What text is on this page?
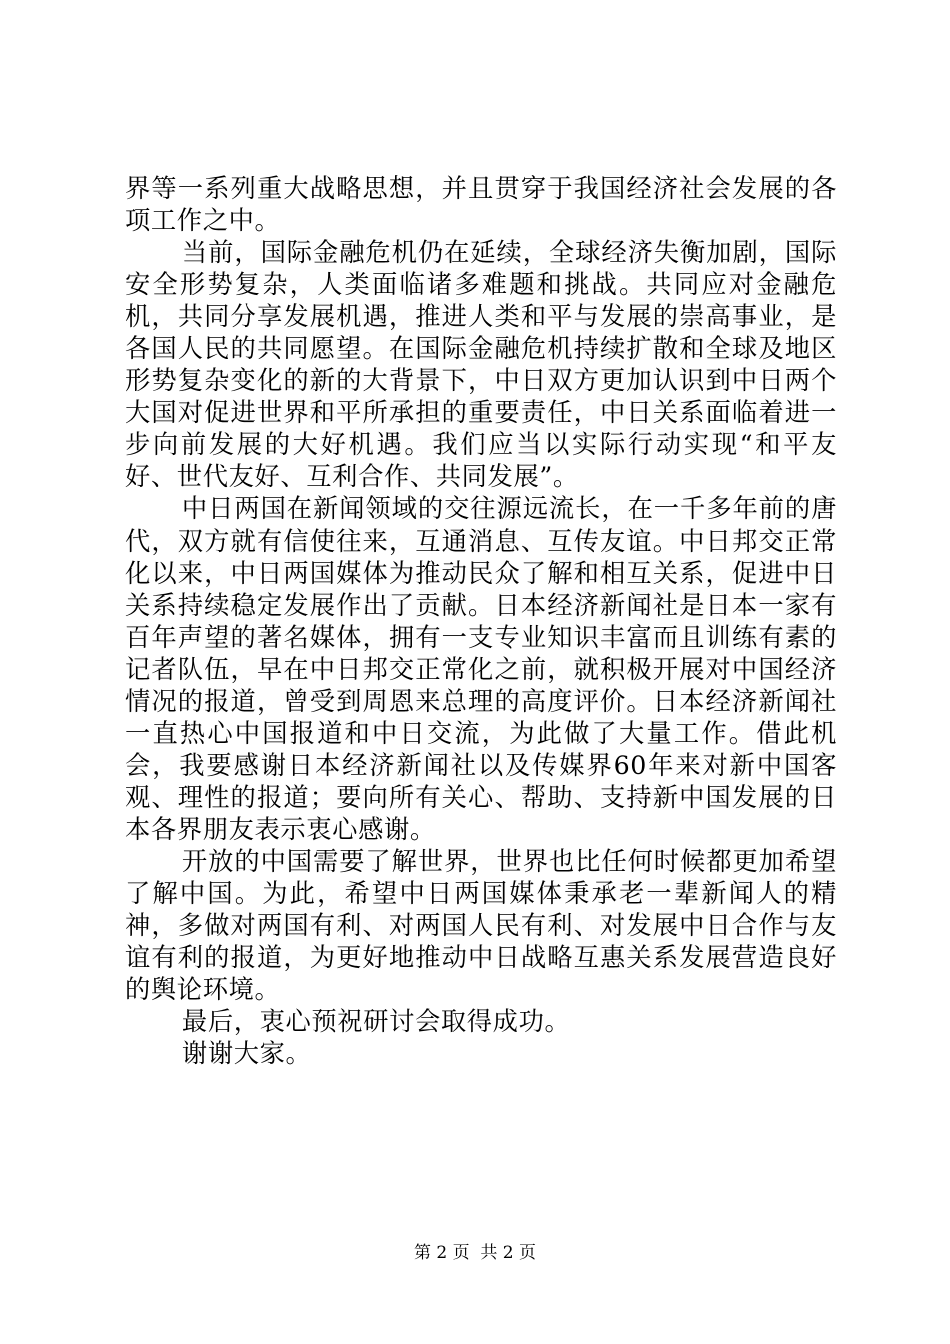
界等一系列重大战略思想，并且贯穿于我国经济社会发展的各项工作之中。

当前，国际金融危机仍在延续，全球经济失衡加剧，国际安全形势复杂，人类面临诸多难题和挑战。共同应对金融危机，共同分享发展机遇，推进人类和平与发展的崇高事业，是各国人民的共同愿望。在国际金融危机持续扩散和全球及地区形势复杂变化的新的大背景下，中日双方更加认识到中日两个大国对促进世界和平所承担的重要责任，中日关系面临着进一步向前发展的大好机遇。我们应当以实际行动实现“和平友好、世代友好、互利合作、共同发展”。

中日两国在新闻领域的交往源远流长，在一千多年前的唐代，双方就有信使往来，互通消息、互传友谊。中日邦交正常化以来，中日两国媒体为推动民众了解和相互关系，促进中日关系持续稳定发展作出了贡献。日本经济新闻社是日本一家有百年声望的著名媒体，拥有一支专业知识丰富而且训练有素的记者队伍，早在中日邦交正常化之前，就积极开展对中国经济情况的报道，曾受到周恩来总理的高度评价。日本经济新闻社一直热心中国报道和中日交流，为此做了大量工作。借此机会，我要感谢日本经济新闻社以及传媒界60年来对新中国客观、理性的报道；要向所有关心、帮助、支持新中国发展的日本各界朋友表示衷心感谢。

开放的中国需要了解世界，世界也比任何时候都更加希望了解中国。为此，希望中日两国媒体秉承老一辈新闻人的精神，多做对两国有利、对两国人民有利、对发展中日合作与友谊有利的报道，为更好地推动中日战略互惠关系发展营造良好的舆论环境。

最后，衷心预祝研讨会取得成功。

谢谢大家。

第 2 页  共 2 页
